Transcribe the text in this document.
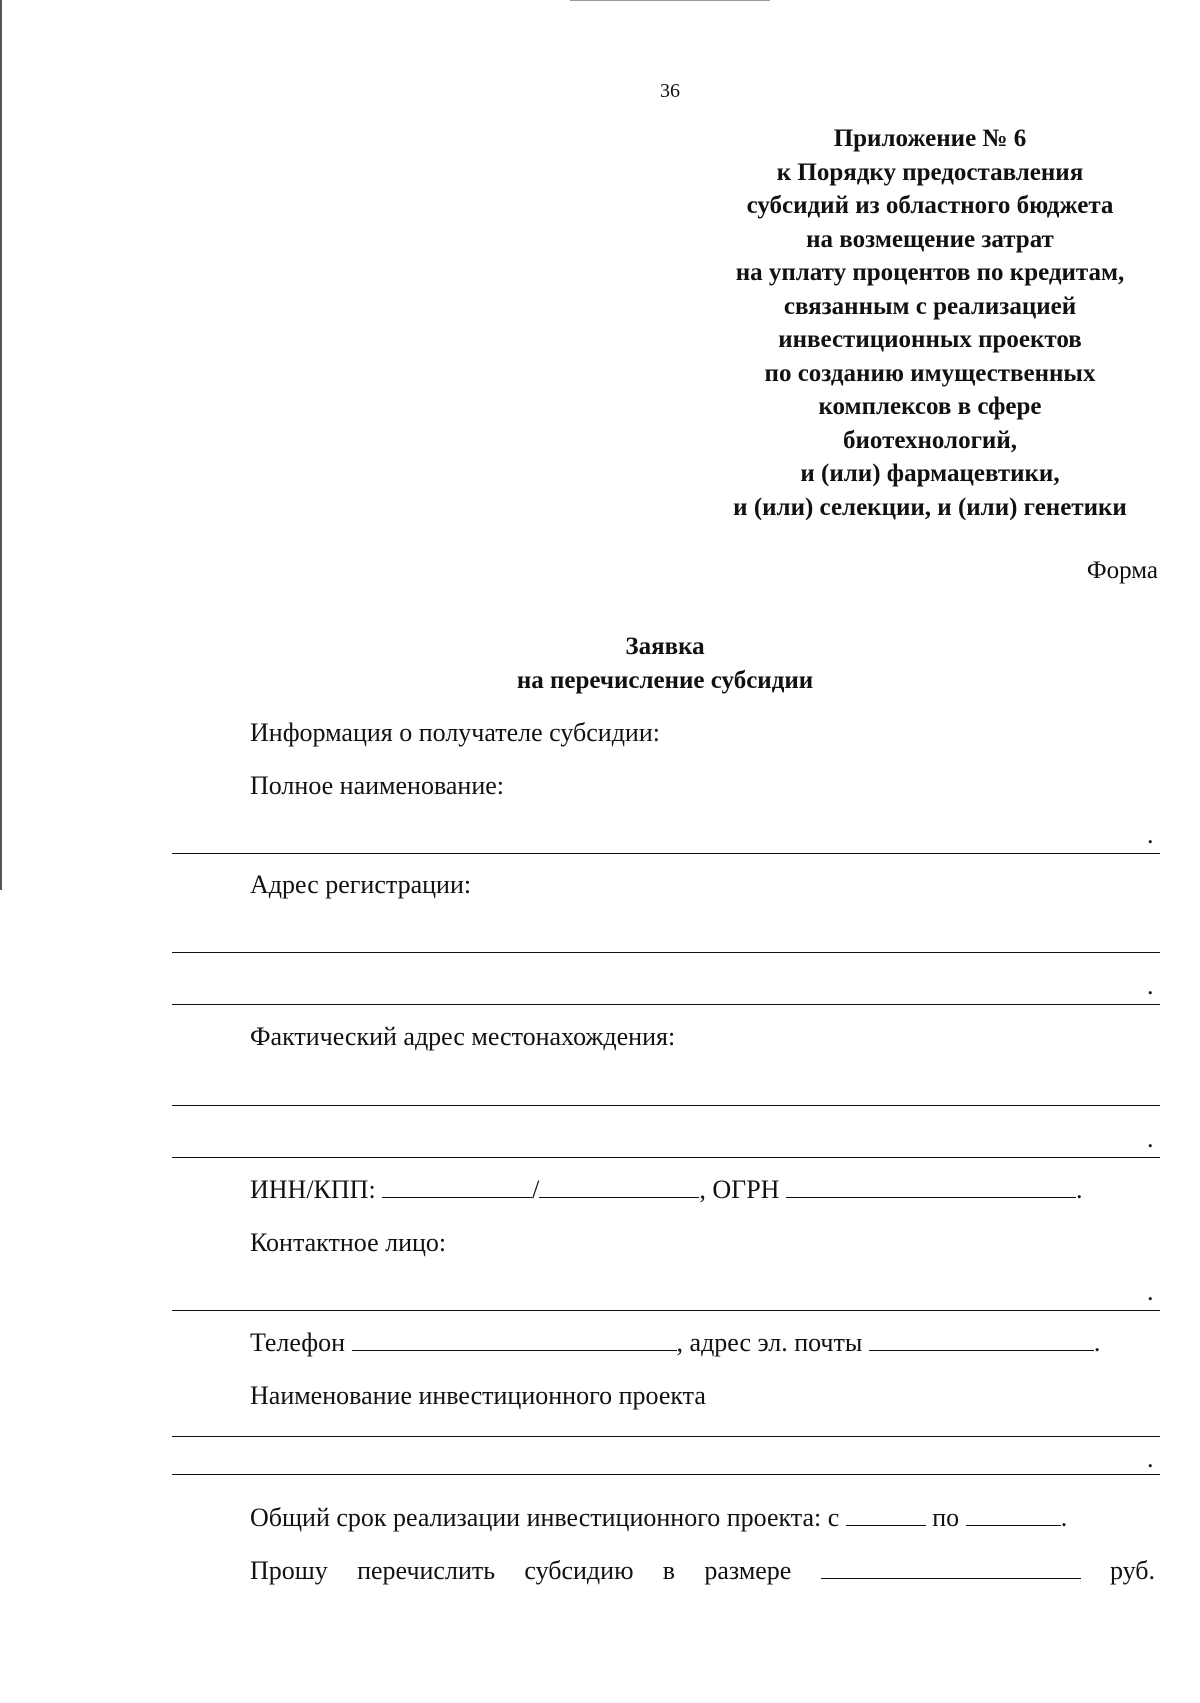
36
Приложение № 6
к Порядку предоставления
субсидий из областного бюджета
на возмещение затрат
на уплату процентов по кредитам,
связанным с реализацией
инвестиционных проектов
по созданию имущественных
комплексов в сфере
биотехнологий,
и (или) фармацевтики,
и (или) селекции, и (или) генетики
Форма
Заявка
на перечисление субсидии
Информация о получателе субсидии:
Полное наименование:
.
Адрес регистрации:
.
Фактический адрес местонахождения:
.
ИНН/КПП:	/	, ОГРН	.
Контактное лицо:
.
Телефон	, адрес эл. почты	.
Наименование инвестиционного проекта
.
Общий срок реализации инвестиционного проекта: с	по	.
Прошу перечислить субсидию в размере	руб.
